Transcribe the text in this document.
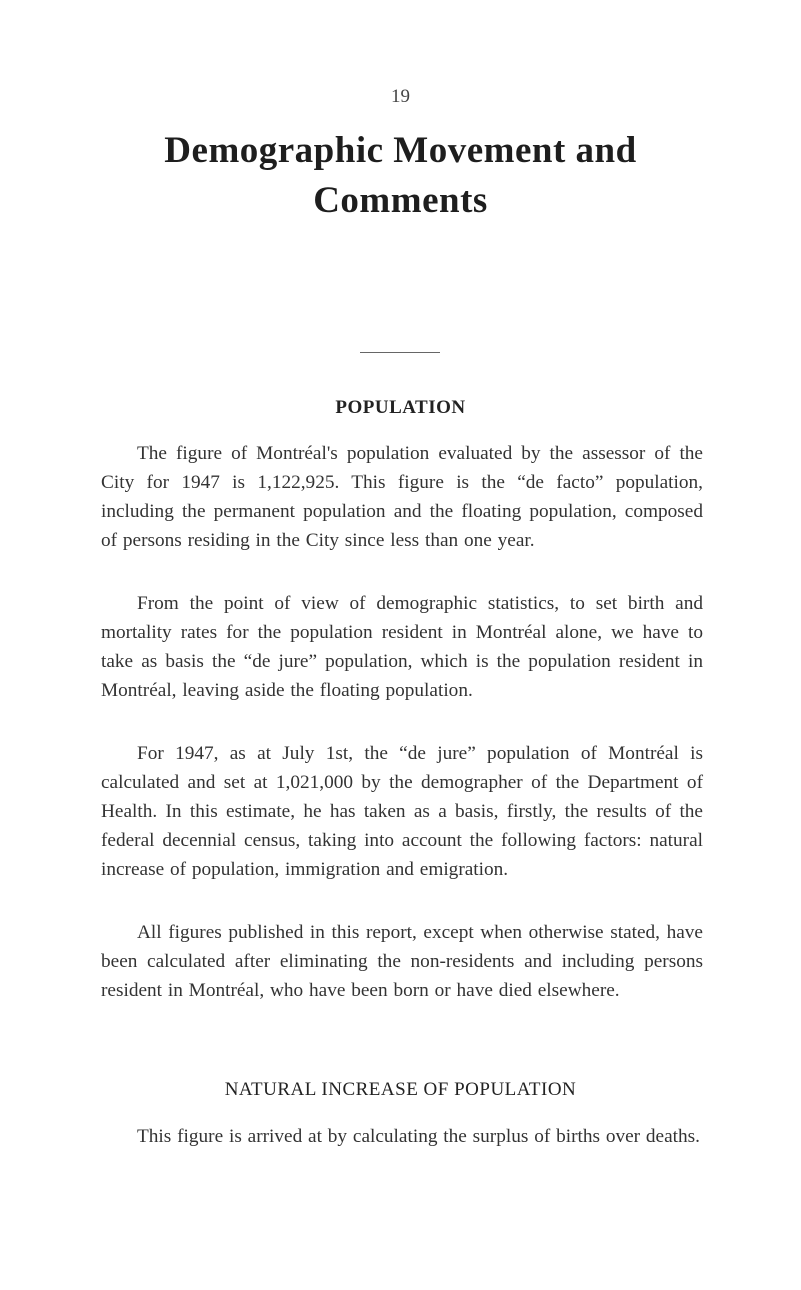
19
Demographic Movement and
Comments
POPULATION

The figure of Montréal's population evaluated by the assessor of the City for 1947 is 1,122,925. This figure is the “de facto” population, including the permanent population and the floating population, composed of persons residing in the City since less than one year.

From the point of view of demographic statistics, to set birth and mortality rates for the population resident in Montréal alone, we have to take as basis the “de jure” population, which is the population resident in Montréal, leaving aside the floating population.

For 1947, as at July 1st, the “de jure” population of Montréal is calculated and set at 1,021,000 by the demographer of the Department of Health. In this estimate, he has taken as a basis, firstly, the results of the federal decennial census, taking into account the following factors: natural increase of population, immigration and emigration.

All figures published in this report, except when otherwise stated, have been calculated after eliminating the non-residents and including persons resident in Montréal, who have been born or have died elsewhere.

NATURAL INCREASE OF POPULATION

This figure is arrived at by calculating the surplus of births over deaths.
